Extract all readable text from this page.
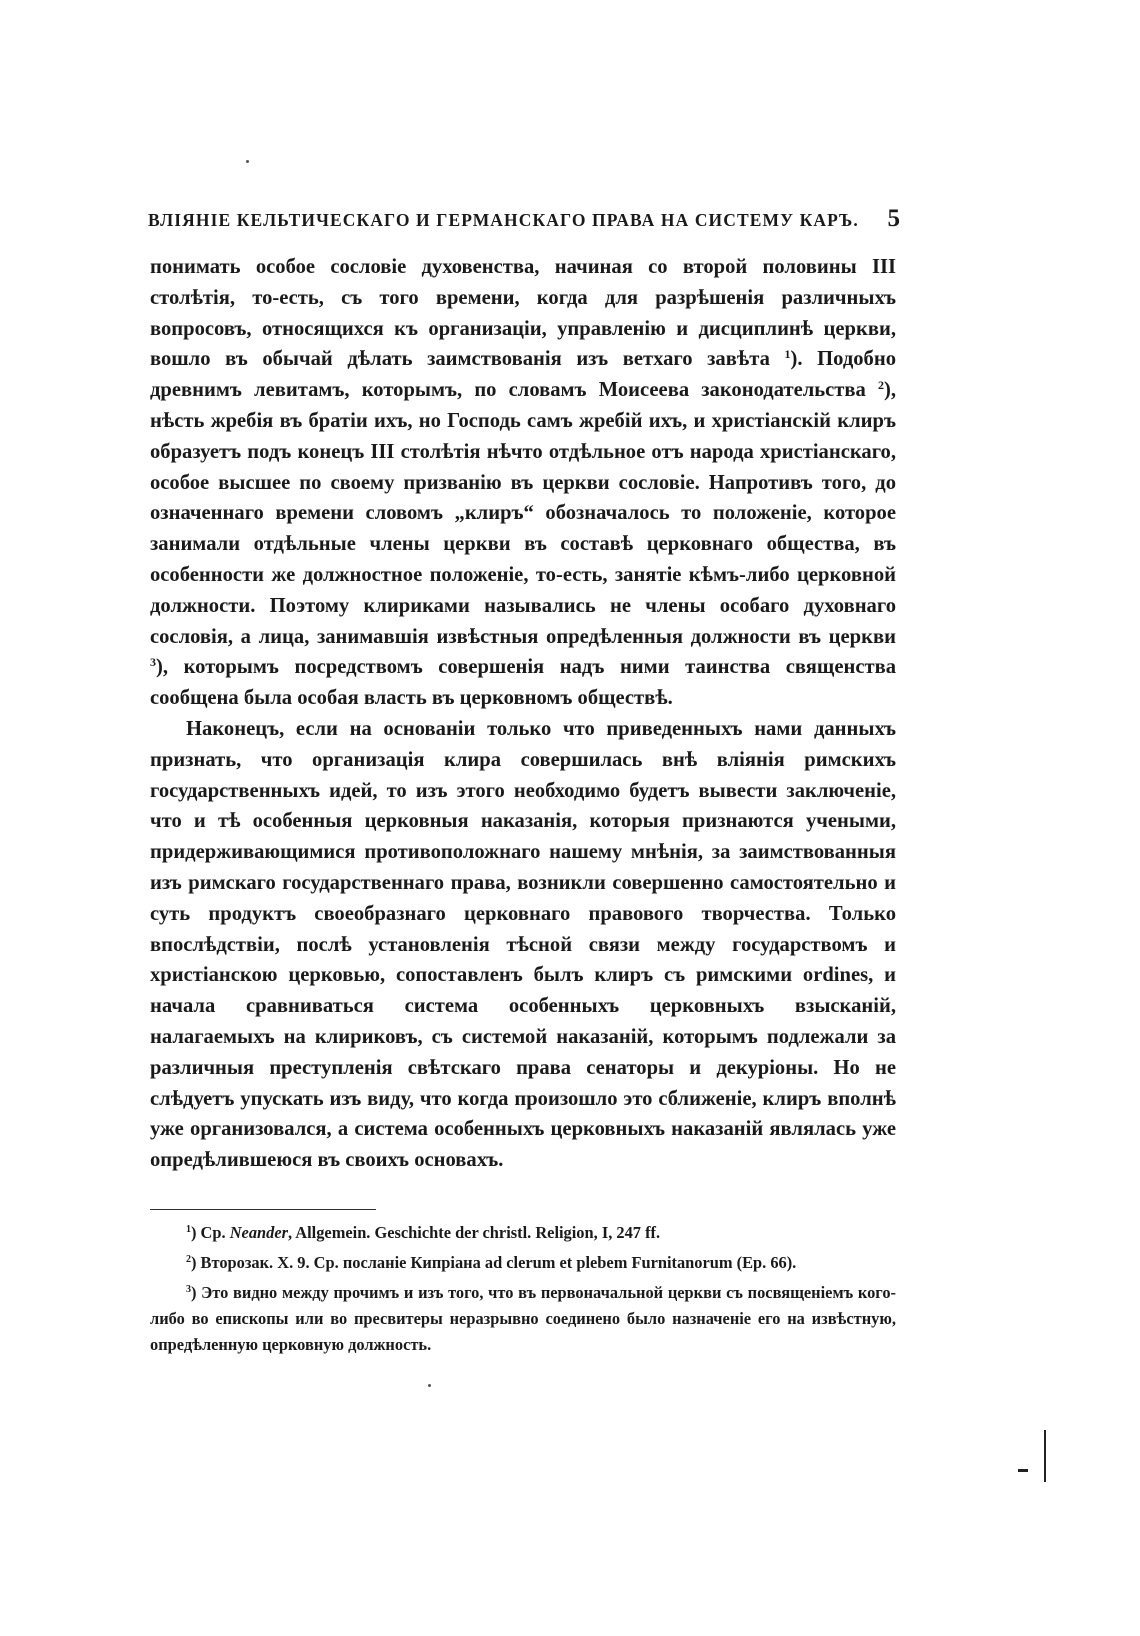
ВЛІЯНІЕ КЕЛЬТИЧЕСКАГО И ГЕРМАНСКАГО ПРАВА НА СИСТЕМУ КАРЪ. 5

понимать особое сословіе духовенства, начиная со второй половины III столѣтія, то-есть, съ того времени, когда для разрѣшенія различныхъ вопросовъ, относящихся къ организаціи, управленію и дисциплинѣ церкви, вошло въ обычай дѣлать заимствованія изъ ветхаго завѣта $^1$). Подобно древнимъ левитамъ, которымъ, по словамъ Моисеева законодательства $^2$), нѣсть жребія въ братіи ихъ, но Господь самъ жребій ихъ, и христіанскій клиръ образуетъ подъ конецъ III столѣтія нѣчто отдѣльное отъ народа христіанскаго, особое высшее по своему призванію въ церкви сословіе. Напротивъ того, до означеннаго времени словомъ „клиръ“ обозначалось то положеніе, которое занимали отдѣльные члены церкви въ составѣ церковнаго общества, въ особенности же должностное положеніе, то-есть, занятіе кѣмъ-либо церковной должности. Поэтому клириками назывались не члены особаго духовнаго сословія, а лица, занимавшія извѣстныя опредѣленныя должности въ церкви $^3$), которымъ посредствомъ совершенія надъ ними таинства священства сообщена была особая власть въ церковномъ обществѣ.

Наконецъ, если на основаніи только что приведенныхъ нами данныхъ признать, что организація клира совершилась внѣ вліянія римскихъ государственныхъ идей, то изъ этого необходимо будетъ вывести заключеніе, что и тѣ особенныя церковныя наказанія, которыя признаются учеными, придерживающимися противоположнаго нашему мнѣнія, за заимствованныя изъ римскаго государственнаго права, возникли совершенно самостоятельно и суть продуктъ своеобразнаго церковнаго правового творчества. Только впослѣдствіи, послѣ установленія тѣсной связи между государствомъ и христіанскою церковью, сопоставленъ былъ клиръ съ римскими ordines, и начала сравниваться система особенныхъ церковныхъ взысканій, налагаемыхъ на клириковъ, съ системой наказаній, которымъ подлежали за различныя преступленія свѣтскаго права сенаторы и декуріоны. Но не слѣдуетъ упускать изъ виду, что когда произошло это сближеніе, клиръ вполнѣ уже организовался, а система особенныхъ церковныхъ наказаній являлась уже опредѣлившеюся въ своихъ основахъ.

$^1$) Ср. Neander, Allgemein. Geschichte der christl. Religion, I, 247 ff.

$^2$) Второзак. X. 9. Ср. посланіе Кипріана ad clerum et plebem Furnitanorum (Ep. 66).

$^3$) Это видно между прочимъ и изъ того, что въ первоначальной церкви съ посвященіемъ кого-либо во епископы или во пресвитеры неразрывно соединено было назначеніе его на извѣстную, опредѣленную церковную должность.
